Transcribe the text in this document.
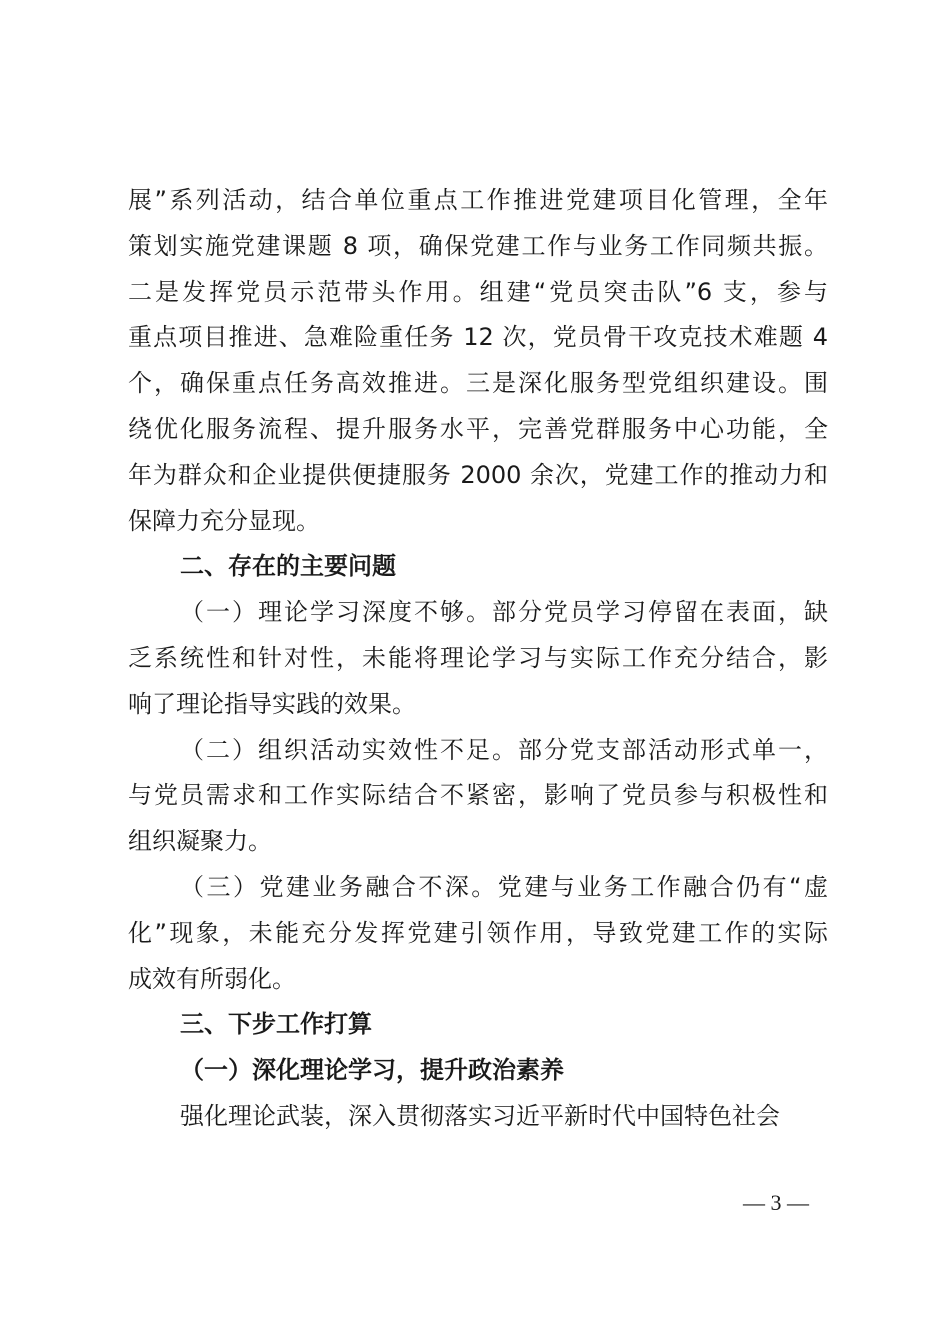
展”系列活动，结合单位重点工作推进党建项目化管理，全年
策划实施党建课题 8 项，确保党建工作与业务工作同频共振。
二是发挥党员示范带头作用。组建“党员突击队”6 支，参与
重点项目推进、急难险重任务 12 次，党员骨干攻克技术难题 4
个，确保重点任务高效推进。三是深化服务型党组织建设。围
绕优化服务流程、提升服务水平，完善党群服务中心功能，全
年为群众和企业提供便捷服务 2000 余次，党建工作的推动力和
保障力充分显现。
二、存在的主要问题
（一）理论学习深度不够。部分党员学习停留在表面，缺
乏系统性和针对性，未能将理论学习与实际工作充分结合，影
响了理论指导实践的效果。
（二）组织活动实效性不足。部分党支部活动形式单一，
与党员需求和工作实际结合不紧密，影响了党员参与积极性和
组织凝聚力。
（三）党建业务融合不深。党建与业务工作融合仍有“虚
化”现象，未能充分发挥党建引领作用，导致党建工作的实际
成效有所弱化。
三、下步工作打算
（一）深化理论学习，提升政治素养
强化理论武装，深入贯彻落实习近平新时代中国特色社会
— 3 —
